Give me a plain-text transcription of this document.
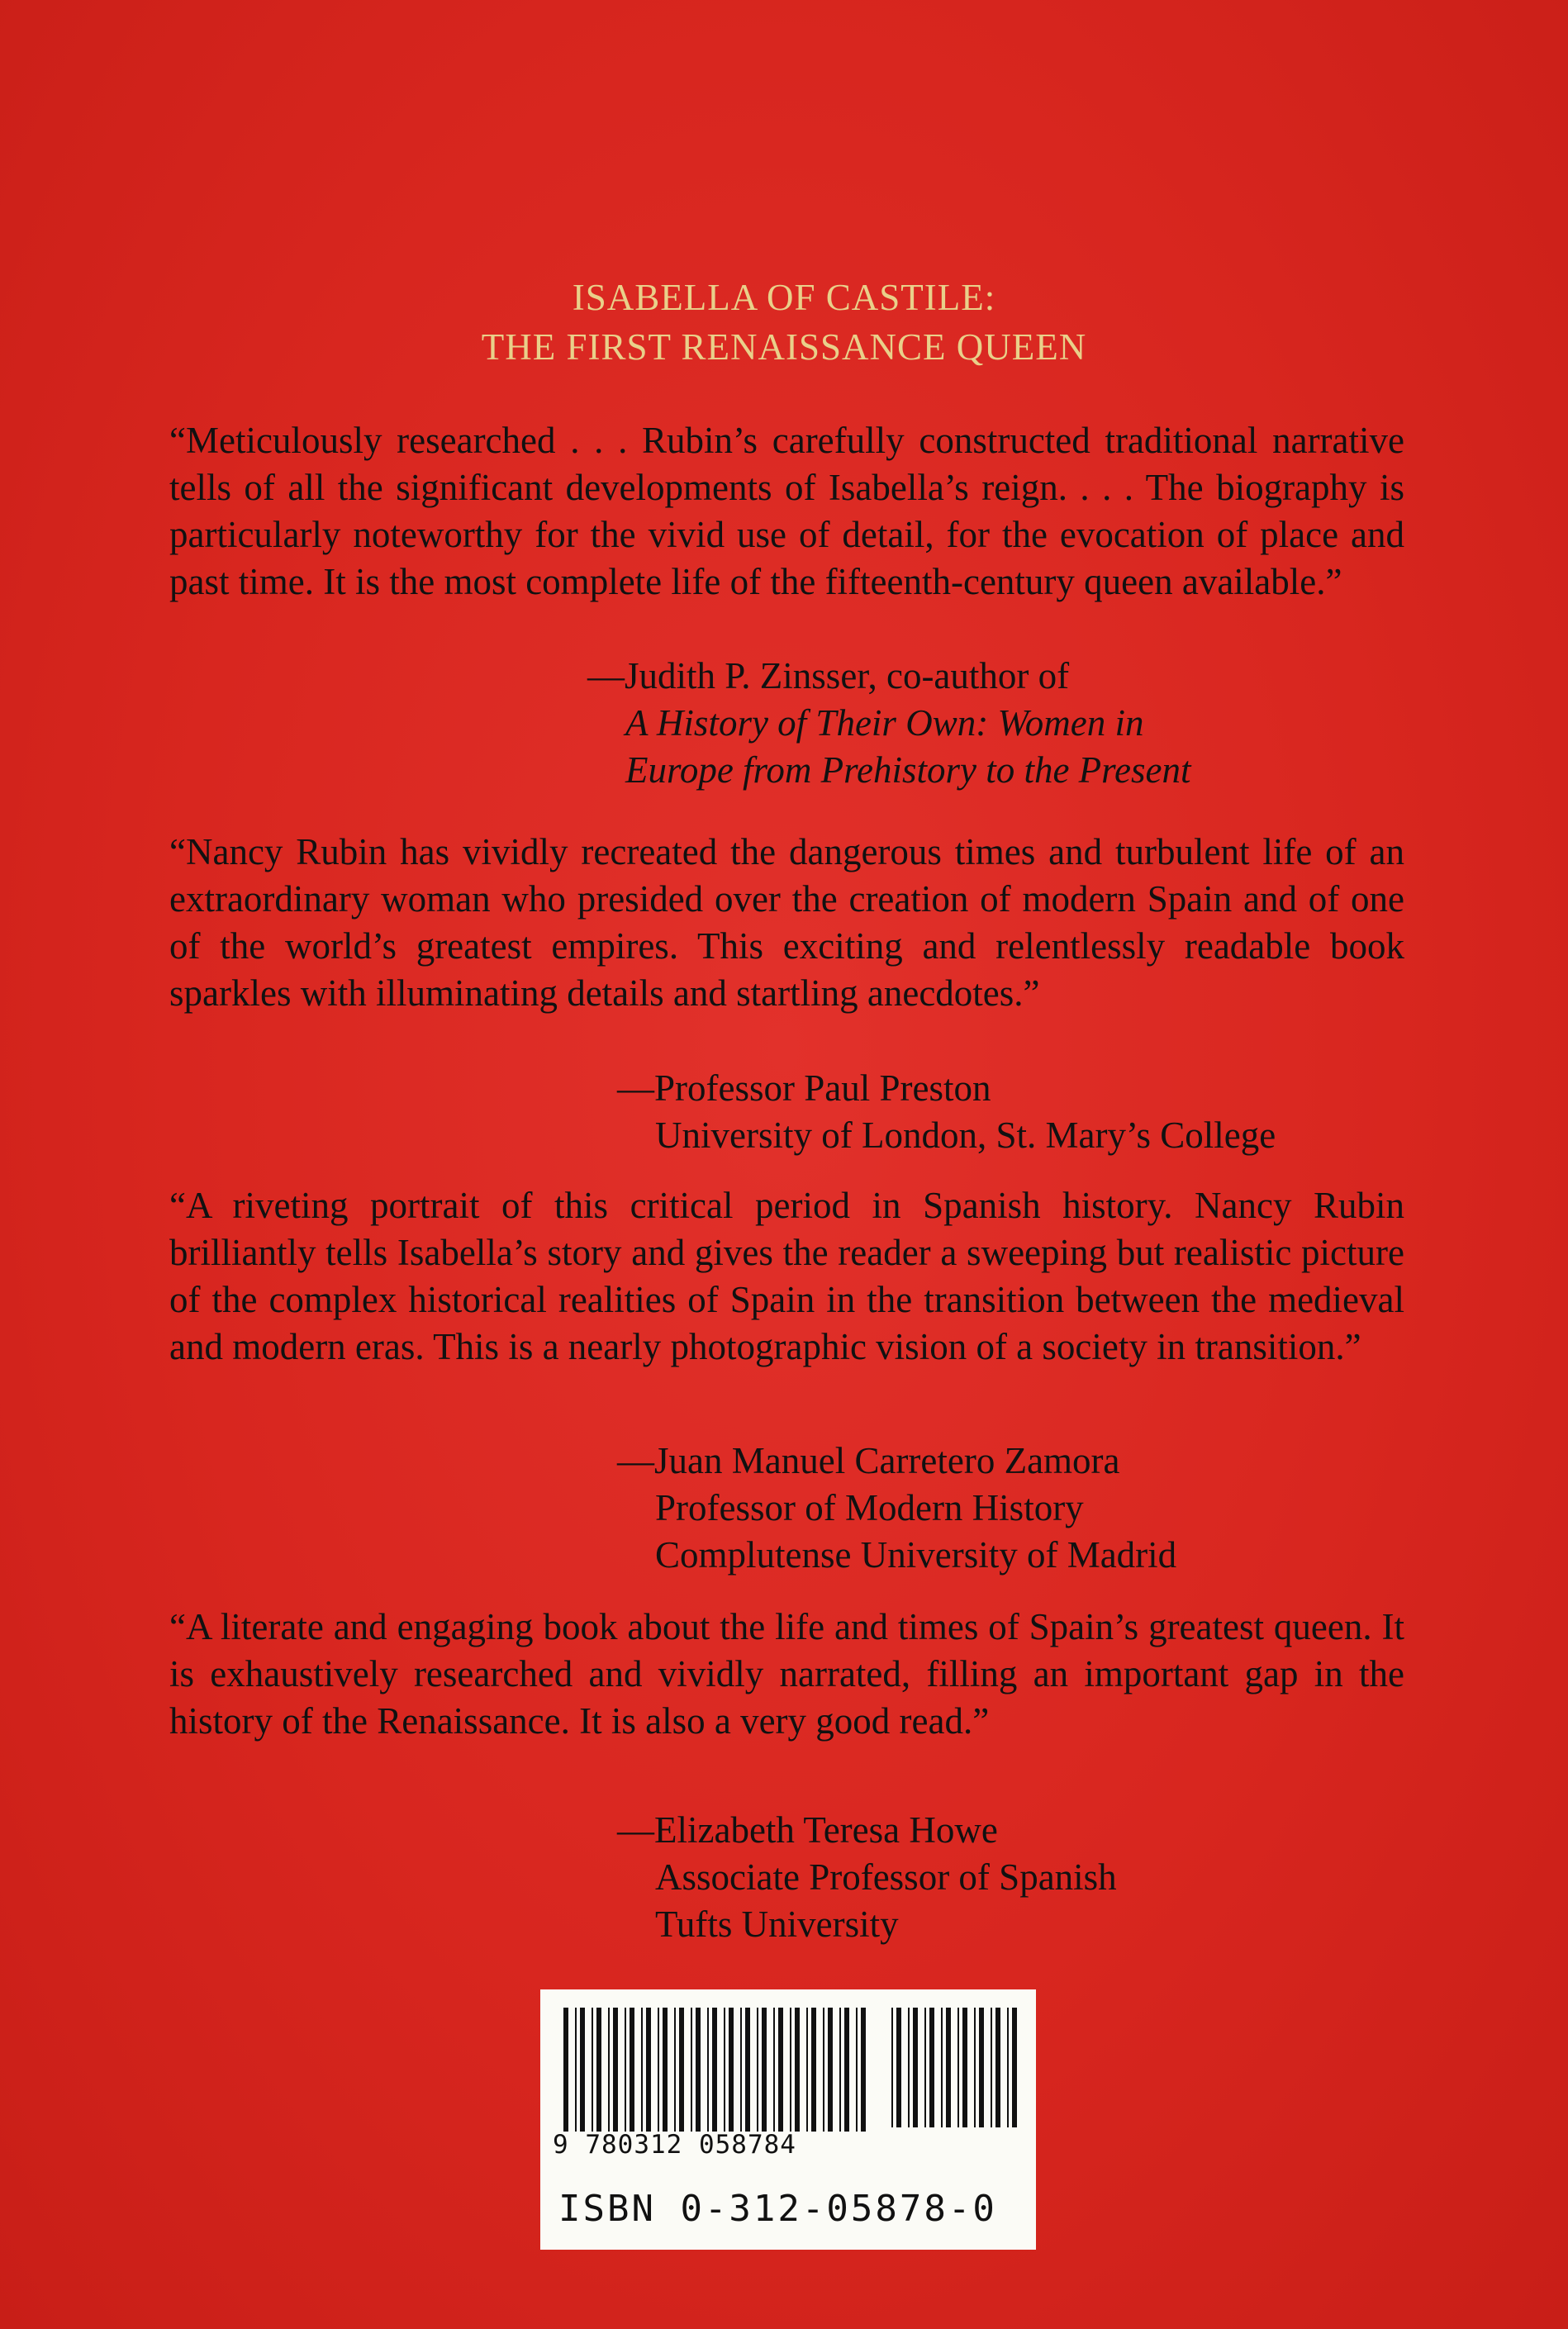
ISABELLA OF CASTILE:
THE FIRST RENAISSANCE QUEEN

“Meticulously researched . . . Rubin’s carefully constructed traditional narrative tells of all the significant developments of Isabella’s reign. . . . The biography is particularly noteworthy for the vivid use of detail, for the evocation of place and past time. It is the most complete life of the fifteenth-century queen available.”

—Judith P. Zinsser, co-author of
A History of Their Own: Women in
Europe from Prehistory to the Present

“Nancy Rubin has vividly recreated the dangerous times and turbulent life of an extraordinary woman who presided over the creation of modern Spain and of one of the world’s greatest empires. This exciting and relentlessly readable book sparkles with illuminating details and startling anecdotes.”

—Professor Paul Preston
University of London, St. Mary’s College

“A riveting portrait of this critical period in Spanish history. Nancy Rubin brilliantly tells Isabella’s story and gives the reader a sweeping but realistic picture of the complex historical realities of Spain in the transition between the medieval and modern eras. This is a nearly photographic vision of a society in transition.”

—Juan Manuel Carretero Zamora
Professor of Modern History
Complutense University of Madrid

“A literate and engaging book about the life and times of Spain’s greatest queen. It is exhaustively researched and vividly narrated, filling an important gap in the history of the Renaissance. It is also a very good read.”

—Elizabeth Teresa Howe
Associate Professor of Spanish
Tufts University
9 780312 058784
ISBN 0-312-05878-0
